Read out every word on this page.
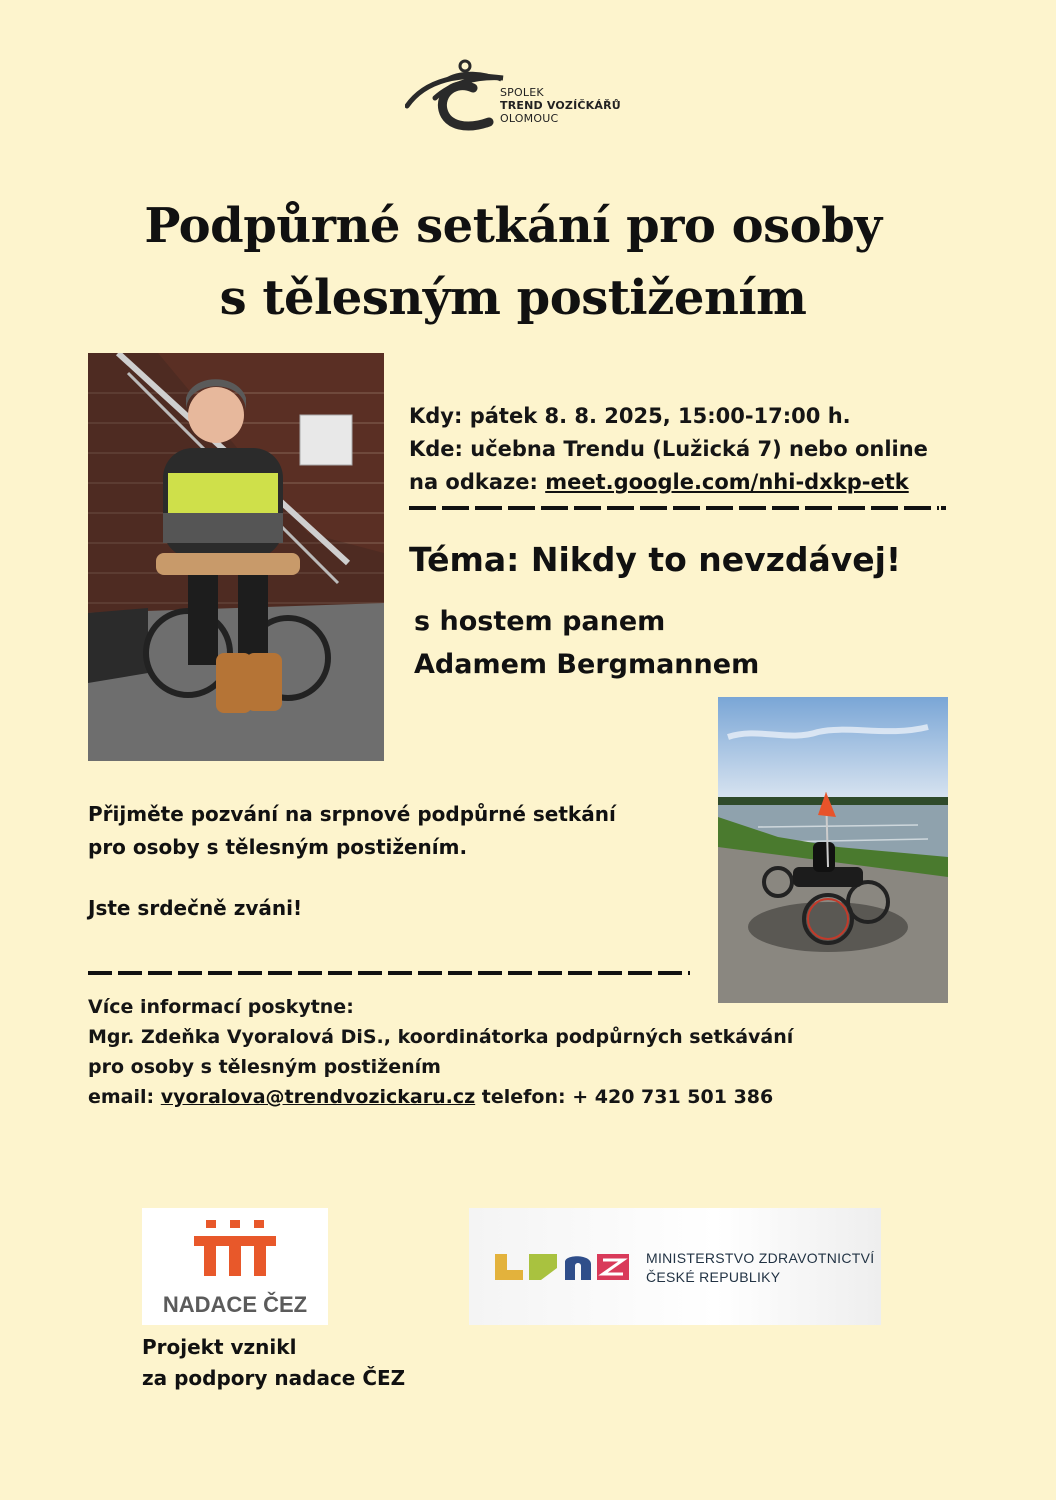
SPOLEK
TREND VOZÍČKÁŘŮ
OLOMOUC
Podpůrné setkání pro osoby
s tělesným postižením
Kdy: pátek 8. 8. 2025, 15:00-17:00 h.
Kde: učebna Trendu (Lužická 7) nebo online
na odkaze: meet.google.com/nhi-dxkp-etk
Téma: Nikdy to nevzdávej!
s hostem panem
Adamem Bergmannem
Přijměte pozvání na srpnové podpůrné setkání
pro osoby s tělesným postižením.
Jste srdečně zváni!
Více informací poskytne:
Mgr. Zdeňka Vyoralová DiS., koordinátorka podpůrných setkávání
pro osoby s tělesným postižením
email: vyoralova@trendvozickaru.cz telefon: + 420 731 501 386
NADACE ČEZ
Projekt vznikl
za podpory nadace ČEZ
MINISTERSTVO ZDRAVOTNICTVÍ
ČESKÉ REPUBLIKY
